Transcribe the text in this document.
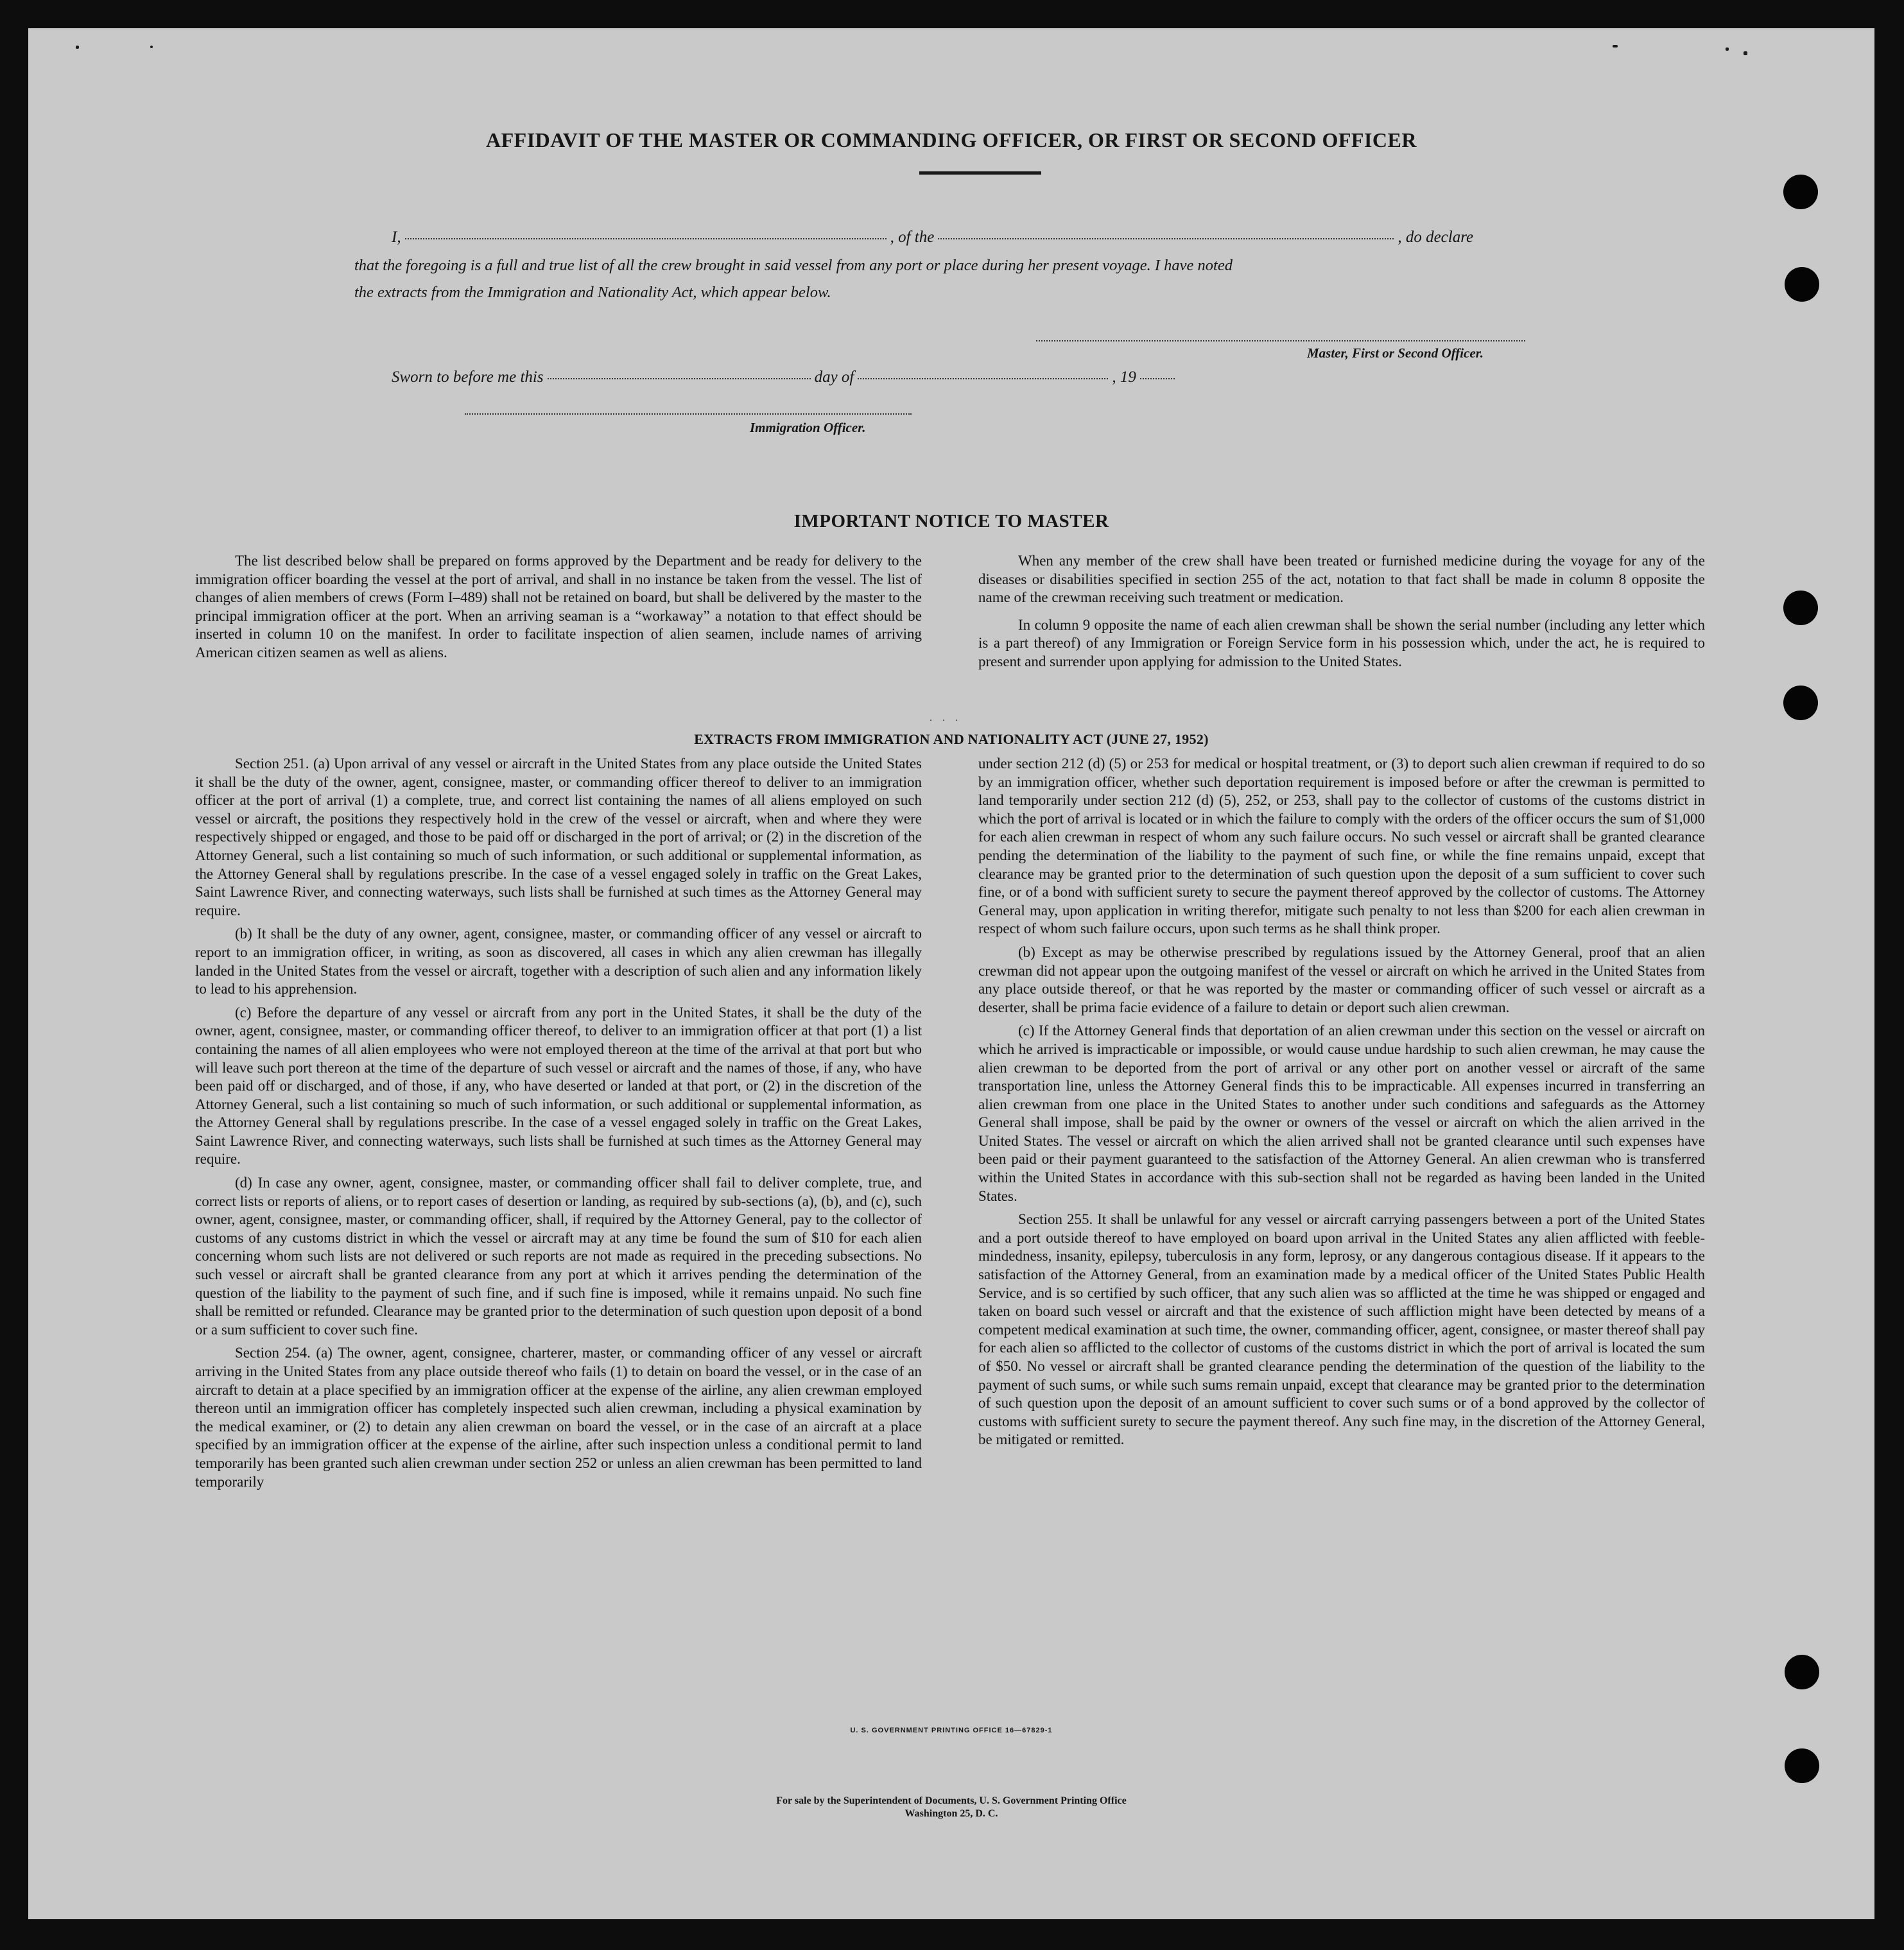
AFFIDAVIT OF THE MASTER OR COMMANDING OFFICER, OR FIRST OR SECOND OFFICER
I,	, of the	, do declare
that the foregoing is a full and true list of all the crew brought in said vessel from any port or place during her present voyage. I have noted
the extracts from the Immigration and Nationality Act, which appear below.
Master, First or Second Officer.
Sworn to before me this	day of	, 19
Immigration Officer.
IMPORTANT NOTICE TO MASTER

The list described below shall be prepared on forms approved by the Department and be ready for delivery to the immigration officer boarding the vessel at the port of arrival, and shall in no instance be taken from the vessel. The list of changes of alien members of crews (Form I–489) shall not be retained on board, but shall be delivered by the master to the principal immigration officer at the port. When an arriving seaman is a “workaway” a notation to that effect should be inserted in column 10 on the manifest. In order to facilitate inspection of alien seamen, include names of arriving American citizen seamen as well as aliens.

When any member of the crew shall have been treated or furnished medicine during the voyage for any of the diseases or disabilities specified in section 255 of the act, notation to that fact shall be made in column 8 opposite the name of the crewman receiving such treatment or medication.

In column 9 opposite the name of each alien crewman shall be shown the serial number (including any letter which is a part thereof) of any Immigration or Foreign Service form in his possession which, under the act, he is required to present and surrender upon applying for admission to the United States.

. . .
EXTRACTS FROM IMMIGRATION AND NATIONALITY ACT (JUNE 27, 1952)

Section 251. (a) Upon arrival of any vessel or aircraft in the United States from any place outside the United States it shall be the duty of the owner, agent, consignee, master, or commanding officer thereof to deliver to an immigration officer at the port of arrival (1) a complete, true, and correct list containing the names of all aliens employed on such vessel or aircraft, the positions they respectively hold in the crew of the vessel or aircraft, when and where they were respectively shipped or engaged, and those to be paid off or discharged in the port of arrival; or (2) in the discretion of the Attorney General, such a list containing so much of such information, or such additional or supplemental information, as the Attorney General shall by regulations prescribe. In the case of a vessel engaged solely in traffic on the Great Lakes, Saint Lawrence River, and connecting waterways, such lists shall be furnished at such times as the Attorney General may require.

(b) It shall be the duty of any owner, agent, consignee, master, or commanding officer of any vessel or aircraft to report to an immigration officer, in writing, as soon as discovered, all cases in which any alien crewman has illegally landed in the United States from the vessel or aircraft, together with a description of such alien and any information likely to lead to his apprehension.

(c) Before the departure of any vessel or aircraft from any port in the United States, it shall be the duty of the owner, agent, consignee, master, or commanding officer thereof, to deliver to an immigration officer at that port (1) a list containing the names of all alien employees who were not employed thereon at the time of the arrival at that port but who will leave such port thereon at the time of the departure of such vessel or aircraft and the names of those, if any, who have been paid off or discharged, and of those, if any, who have deserted or landed at that port, or (2) in the discretion of the Attorney General, such a list containing so much of such information, or such additional or supplemental information, as the Attorney General shall by regulations prescribe. In the case of a vessel engaged solely in traffic on the Great Lakes, Saint Lawrence River, and connecting waterways, such lists shall be furnished at such times as the Attorney General may require.

(d) In case any owner, agent, consignee, master, or commanding officer shall fail to deliver complete, true, and correct lists or reports of aliens, or to report cases of desertion or landing, as required by sub-sections (a), (b), and (c), such owner, agent, consignee, master, or commanding officer, shall, if required by the Attorney General, pay to the collector of customs of any customs district in which the vessel or aircraft may at any time be found the sum of $10 for each alien concerning whom such lists are not delivered or such reports are not made as required in the preceding subsections. No such vessel or aircraft shall be granted clearance from any port at which it arrives pending the determination of the question of the liability to the payment of such fine, and if such fine is imposed, while it remains unpaid. No such fine shall be remitted or refunded. Clearance may be granted prior to the determination of such question upon deposit of a bond or a sum sufficient to cover such fine.

Section 254. (a) The owner, agent, consignee, charterer, master, or commanding officer of any vessel or aircraft arriving in the United States from any place outside thereof who fails (1) to detain on board the vessel, or in the case of an aircraft to detain at a place specified by an immigration officer at the expense of the airline, any alien crewman employed thereon until an immigration officer has completely inspected such alien crewman, including a physical examination by the medical examiner, or (2) to detain any alien crewman on board the vessel, or in the case of an aircraft at a place specified by an immigration officer at the expense of the airline, after such inspection unless a conditional permit to land temporarily has been granted such alien crewman under section 252 or unless an alien crewman has been permitted to land temporarily

under section 212 (d) (5) or 253 for medical or hospital treatment, or (3) to deport such alien crewman if required to do so by an immigration officer, whether such deportation requirement is imposed before or after the crewman is permitted to land temporarily under section 212 (d) (5), 252, or 253, shall pay to the collector of customs of the customs district in which the port of arrival is located or in which the failure to comply with the orders of the officer occurs the sum of $1,000 for each alien crewman in respect of whom any such failure occurs. No such vessel or aircraft shall be granted clearance pending the determination of the liability to the payment of such fine, or while the fine remains unpaid, except that clearance may be granted prior to the determination of such question upon the deposit of a sum sufficient to cover such fine, or of a bond with sufficient surety to secure the payment thereof approved by the collector of customs. The Attorney General may, upon application in writing therefor, mitigate such penalty to not less than $200 for each alien crewman in respect of whom such failure occurs, upon such terms as he shall think proper.

(b) Except as may be otherwise prescribed by regulations issued by the Attorney General, proof that an alien crewman did not appear upon the outgoing manifest of the vessel or aircraft on which he arrived in the United States from any place outside thereof, or that he was reported by the master or commanding officer of such vessel or aircraft as a deserter, shall be prima facie evidence of a failure to detain or deport such alien crewman.

(c) If the Attorney General finds that deportation of an alien crewman under this section on the vessel or aircraft on which he arrived is impracticable or impossible, or would cause undue hardship to such alien crewman, he may cause the alien crewman to be deported from the port of arrival or any other port on another vessel or aircraft of the same transportation line, unless the Attorney General finds this to be impracticable. All expenses incurred in transferring an alien crewman from one place in the United States to another under such conditions and safeguards as the Attorney General shall impose, shall be paid by the owner or owners of the vessel or aircraft on which the alien arrived in the United States. The vessel or aircraft on which the alien arrived shall not be granted clearance until such expenses have been paid or their payment guaranteed to the satisfaction of the Attorney General. An alien crewman who is transferred within the United States in accordance with this sub-section shall not be regarded as having been landed in the United States.

Section 255. It shall be unlawful for any vessel or aircraft carrying passengers between a port of the United States and a port outside thereof to have employed on board upon arrival in the United States any alien afflicted with feeble-mindedness, insanity, epilepsy, tuberculosis in any form, leprosy, or any dangerous contagious disease. If it appears to the satisfaction of the Attorney General, from an examination made by a medical officer of the United States Public Health Service, and is so certified by such officer, that any such alien was so afflicted at the time he was shipped or engaged and taken on board such vessel or aircraft and that the existence of such affliction might have been detected by means of a competent medical examination at such time, the owner, commanding officer, agent, consignee, or master thereof shall pay for each alien so afflicted to the collector of customs of the customs district in which the port of arrival is located the sum of $50. No vessel or aircraft shall be granted clearance pending the determination of the question of the liability to the payment of such sums, or while such sums remain unpaid, except that clearance may be granted prior to the determination of such question upon the deposit of an amount sufficient to cover such sums or of a bond approved by the collector of customs with sufficient surety to secure the payment thereof. Any such fine may, in the discretion of the Attorney General, be mitigated or remitted.

U. S. GOVERNMENT PRINTING OFFICE 16—67829-1
For sale by the Superintendent of Documents, U. S. Government Printing Office
Washington 25, D. C.
